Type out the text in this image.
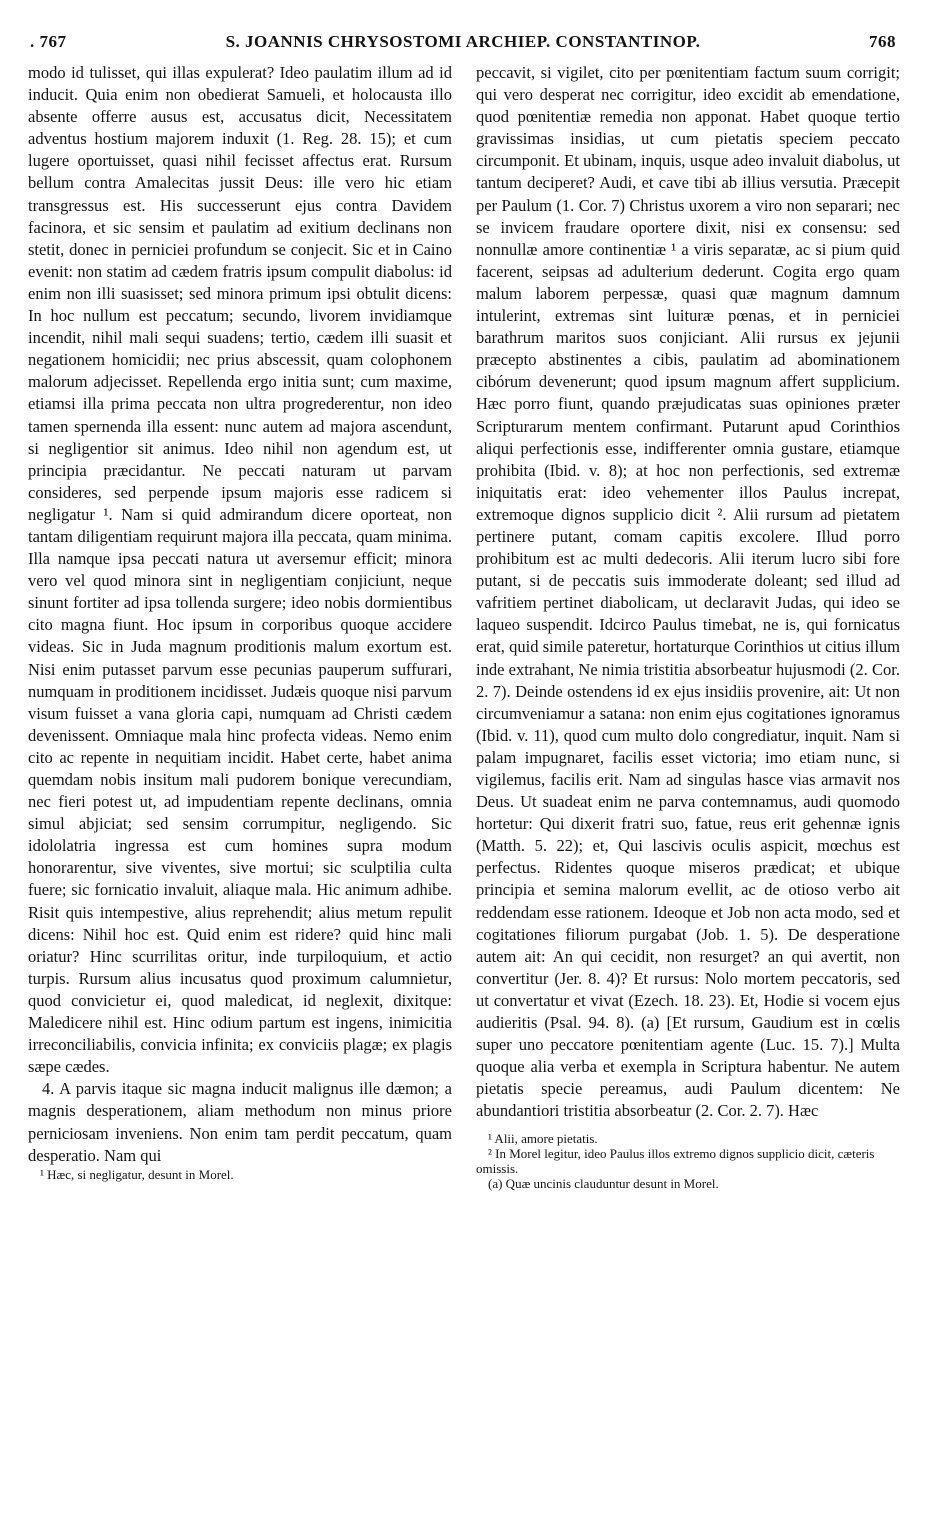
. 767	S. JOANNIS CHRYSOSTOMI ARCHIEP. CONSTANTINOP.	768

modo id tulisset, qui illas expulerat? Ideo paulatim illum ad id inducit. Quia enim non obedierat Samueli, et holocausta illo absente offerre ausus est, accusatus dicit, Necessitatem adventus hostium majorem induxit (1. Reg. 28. 15); et cum lugere oportuisset, quasi nihil fecisset affectus erat. Rursum bellum contra Amalecitas jussit Deus: ille vero hic etiam transgressus est. His successerunt ejus contra Davidem facinora, et sic sensim et paulatim ad exitium declinans non stetit, donec in perniciei profundum se conjecit. Sic et in Caino evenit: non statim ad cædem fratris ipsum compulit diabolus: id enim non illi suasisset; sed minora primum ipsi obtulit dicens: In hoc nullum est peccatum; secundo, livorem invidiamque incendit, nihil mali sequi suadens; tertio, cædem illi suasit et negationem homicidii; nec prius abscessit, quam colophonem malorum adjecisset. Repellenda ergo initia sunt; cum maxime, etiamsi illa prima peccata non ultra progrederentur, non ideo tamen spernenda illa essent: nunc autem ad majora ascendunt, si negligentior sit animus. Ideo nihil non agendum est, ut principia præcidantur. Ne peccati naturam ut parvam consideres, sed perpende ipsum majoris esse radicem si negligatur ¹. Nam si quid admirandum dicere oporteat, non tantam diligentiam requirunt majora illa peccata, quam minima. Illa namque ipsa peccati natura ut aversemur efficit; minora vero vel quod minora sint in negligentiam conjiciunt, neque sinunt fortiter ad ipsa tollenda surgere; ideo nobis dormientibus cito magna fiunt. Hoc ipsum in corporibus quoque accidere videas. Sic in Juda magnum proditionis malum exortum est. Nisi enim putasset parvum esse pecunias pauperum suffurari, numquam in proditionem incidisset. Judæis quoque nisi parvum visum fuisset a vana gloria capi, numquam ad Christi cædem devenissent. Omniaque mala hinc profecta videas. Nemo enim cito ac repente in nequitiam incidit. Habet certe, habet anima quemdam nobis insitum mali pudorem bonique verecundiam, nec fieri potest ut, ad impudentiam repente declinans, omnia simul abjiciat; sed sensim corrumpitur, negligendo. Sic idololatria ingressa est cum homines supra modum honorarentur, sive viventes, sive mortui; sic sculptilia culta fuere; sic fornicatio invaluit, aliaque mala. Hic animum adhibe. Risit quis intempestive, alius reprehendit; alius metum repulit dicens: Nihil hoc est. Quid enim est ridere? quid hinc mali oriatur? Hinc scurrilitas oritur, inde turpiloquium, et actio turpis. Rursum alius incusatus quod proximum calumnietur, quod convicietur ei, quod maledicat, id neglexit, dixitque: Maledicere nihil est. Hinc odium partum est ingens, inimicitia irreconciliabilis, convicia infinita; ex conviciis plagæ; ex plagis sæpe cædes.

4. A parvis itaque sic magna inducit malignus ille dæmon; a magnis desperationem, aliam methodum non minus priore perniciosam inveniens. Non enim tam perdit peccatum, quam desperatio. Nam qui

¹ Hæc, si negligatur, desunt in Morel.

peccavit, si vigilet, cito per pœnitentiam factum suum corrigit; qui vero desperat nec corrigitur, ideo excidit ab emendatione, quod pœnitentiæ remedia non apponat. Habet quoque tertio gravissimas insidias, ut cum pietatis speciem peccato circumponit. Et ubinam, inquis, usque adeo invaluit diabolus, ut tantum deciperet? Audi, et cave tibi ab illius versutia. Præcepit per Paulum (1. Cor. 7) Christus uxorem a viro non separari; nec se invicem fraudare oportere dixit, nisi ex consensu: sed nonnullæ amore continentiæ ¹ a viris separatæ, ac si pium quid facerent, seipsas ad adulterium dederunt. Cogita ergo quam malum laborem perpessæ, quasi quæ magnum damnum intulerint, extremas sint luituræ pœnas, et in perniciei barathrum maritos suos conjiciant. Alii rursus ex jejunii præcepto abstinentes a cibis, paulatim ad abominationem cibórum devenerunt; quod ipsum magnum affert supplicium. Hæc porro fiunt, quando præjudicatas suas opiniones præter Scripturarum mentem confirmant. Putarunt apud Corinthios aliqui perfectionis esse, indifferenter omnia gustare, etiamque prohibita (Ibid. v. 8); at hoc non perfectionis, sed extremæ iniquitatis erat: ideo vehementer illos Paulus increpat, extremoque dignos supplicio dicit ². Alii rursum ad pietatem pertinere putant, comam capitis excolere. Illud porro prohibitum est ac multi dedecoris. Alii iterum lucro sibi fore putant, si de peccatis suis immoderate doleant; sed illud ad vafritiem pertinet diabolicam, ut declaravit Judas, qui ideo se laqueo suspendit. Idcirco Paulus timebat, ne is, qui fornicatus erat, quid simile pateretur, hortaturque Corinthios ut citius illum inde extrahant, Ne nimia tristitia absorbeatur hujusmodi (2. Cor. 2. 7). Deinde ostendens id ex ejus insidiis provenire, ait: Ut non circumveniamur a satana: non enim ejus cogitationes ignoramus (Ibid. v. 11), quod cum multo dolo congrediatur, inquit. Nam si palam impugnaret, facilis esset victoria; imo etiam nunc, si vigilemus, facilis erit. Nam ad singulas hasce vias armavit nos Deus. Ut suadeat enim ne parva contemnamus, audi quomodo hortetur: Qui dixerit fratri suo, fatue, reus erit gehennæ ignis (Matth. 5. 22); et, Qui lascivis oculis aspicit, mœchus est perfectus. Ridentes quoque miseros prædicat; et ubique principia et semina malorum evellit, ac de otioso verbo ait reddendam esse rationem. Ideoque et Job non acta modo, sed et cogitationes filiorum purgabat (Job. 1. 5). De desperatione autem ait: An qui cecidit, non resurget? an qui avertit, non convertitur (Jer. 8. 4)? Et rursus: Nolo mortem peccatoris, sed ut convertatur et vivat (Ezech. 18. 23). Et, Hodie si vocem ejus audieritis (Psal. 94. 8). (a) [Et rursum, Gaudium est in cœlis super uno peccatore pœnitentiam agente (Luc. 15. 7).] Multa quoque alia verba et exempla in Scriptura habentur. Ne autem pietatis specie pereamus, audi Paulum dicentem: Ne abundantiori tristitia absorbeatur (2. Cor. 2. 7). Hæc

¹ Alii, amore pietatis.

² In Morel legitur, ideo Paulus illos extremo dignos supplicio dicit, cæteris omissis.

(a) Quæ uncinis clauduntur desunt in Morel.
